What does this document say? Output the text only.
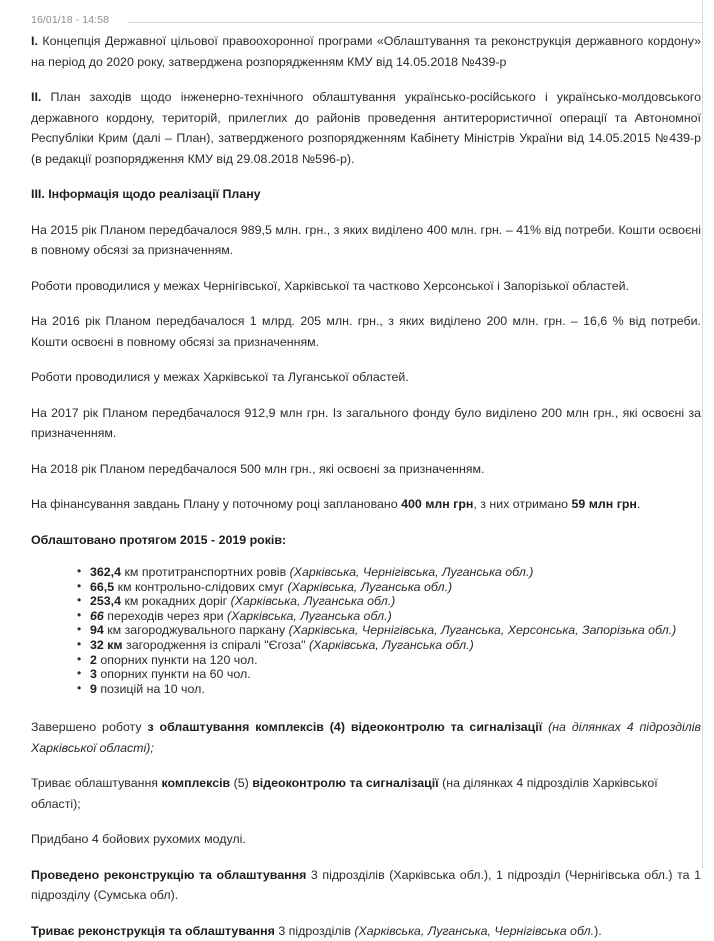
16/01/18 - 14:58

I. Концепція Державної цільової правоохоронної програми «Облаштування та реконструкція державного кордону» на період до 2020 року, затверджена розпорядженням КМУ від 14.05.2018 №439-р

II. План заходів щодо інженерно-технічного облаштування українсько-російського і українсько-молдовського державного кордону, територій, прилеглих до районів проведення антитерористичної операції та Автономної Республіки Крим (далі – План), затвердженого розпорядженням Кабінету Міністрів України від 14.05.2015 №439-р (в редакції розпорядження КМУ від 29.08.2018 №596-р).

III. Інформація щодо реалізації Плану

На 2015 рік Планом передбачалося 989,5 млн. грн., з яких виділено 400 млн. грн. – 41% від потреби. Кошти освоєні в повному обсязі за призначенням.

Роботи проводилися у межах Чернігівської, Харківської та частково Херсонської і Запорізької областей.

На 2016 рік Планом передбачалося 1 млрд. 205 млн. грн., з яких виділено 200 млн. грн. – 16,6 % від потреби. Кошти освоєні в повному обсязі за призначенням.

Роботи проводилися у межах Харківської та Луганської областей.

На 2017 рік Планом передбачалося 912,9 млн грн. Із загального фонду було виділено 200 млн грн., які освоєні за призначенням.

На 2018 рік Планом передбачалося 500 млн грн., які освоєні за призначенням.

На фінансування завдань Плану у поточному році заплановано 400 млн грн, з них отримано 59 млн грн.

Облаштовано протягом 2015 - 2019 років:

• 362,4 км протитранспортних ровів (Харківська, Чернігівська, Луганська обл.)
• 66,5 км контрольно-слідових смуг (Харківська, Луганська обл.)
• 253,4 км рокадних доріг (Харківська, Луганська обл.)
• 66 переходів через яри (Харківська, Луганська обл.)
• 94 км загороджувального паркану (Харківська, Чернігівська, Луганська, Херсонська, Запорізька обл.)
• 32 км загородження із спіралі "Єгоза" (Харківська, Луганська обл.)
• 2 опорних пункти на 120 чол.
• 3 опорних пункти на 60 чол.
• 9 позицій на 10 чол.

Завершено роботу з облаштування комплексів (4) відеоконтролю та сигналізації (на ділянках 4 підрозділів Харківської області);

Триває облаштування комплексів (5) відеоконтролю та сигналізації (на ділянках 4 підрозділів Харківської області);

Придбано 4 бойових рухомих модулі.

Проведено реконструкцію та облаштування 3 підрозділів (Харківська обл.), 1 підрозділ (Чернігівська обл.) та 1 підрозділу (Сумська обл).

Триває реконструкція та облаштування 3 підрозділів (Харківська, Луганська, Чернігівська обл.).
